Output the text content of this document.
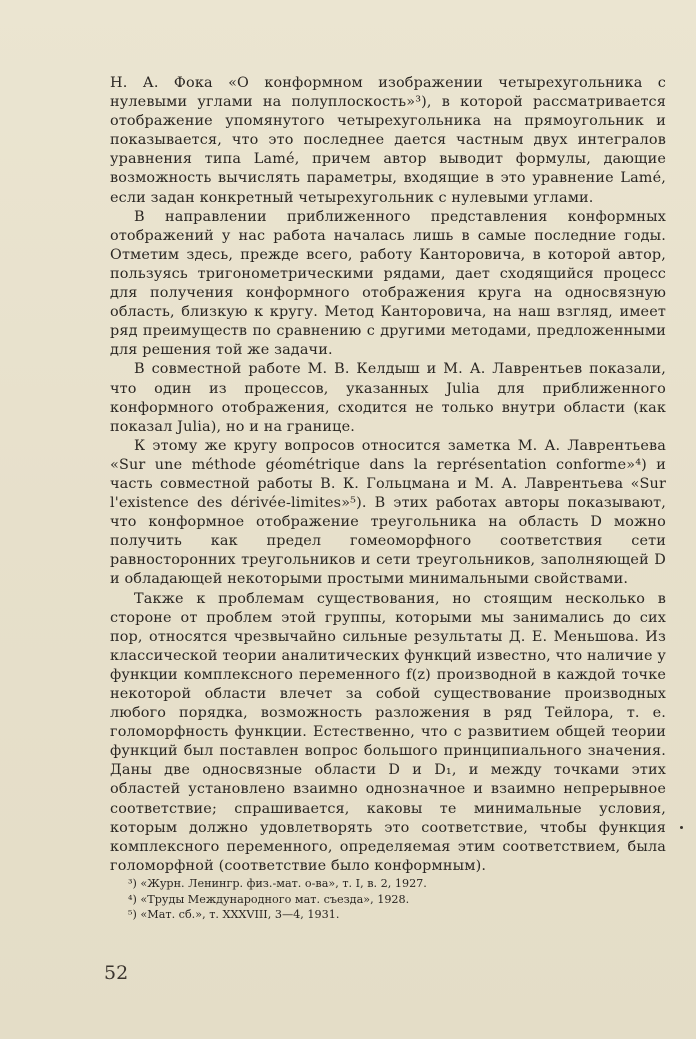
Н. А. Фока «О конформном изображении четырехугольника с нулевыми углами на полуплоскость»³), в которой рассматривается отображение упомянутого четырехугольника на прямоугольник и показывается, что это последнее дается частным двух интегралов уравнения типа Lamé, причем автор выводит формулы, дающие возможность вычислять параметры, входящие в это уравнение Lamé, если задан конкретный четырехугольник с нулевыми углами.

В направлении приближенного представления конформных отображений у нас работа началась лишь в самые последние годы. Отметим здесь, прежде всего, работу Канторовича, в которой автор, пользуясь тригонометрическими рядами, дает сходящийся процесс для получения конформного отображения круга на односвязную область, близкую к кругу. Метод Канторовича, на наш взгляд, имеет ряд преимуществ по сравнению с другими методами, предложенными для решения той же задачи.

В совместной работе М. В. Келдыш и М. А. Лаврентьев показали, что один из процессов, указанных Julia для приближенного конформного отображения, сходится не только внутри области (как показал Julia), но и на границе.

К этому же кругу вопросов относится заметка М. А. Лаврентьева «Sur une méthode géométrique dans la représentation conforme»⁴) и часть совместной работы В. К. Гольцмана и М. А. Лаврентьева «Sur l'existence des dérivée-limites»⁵). В этих работах авторы показывают, что конформное отображение треугольника на область D можно получить как предел гомеоморфного соответствия сети равносторонних треугольников и сети треугольников, заполняющей D и обладающей некоторыми простыми минимальными свойствами.

Также к проблемам существования, но стоящим несколько в стороне от проблем этой группы, которыми мы занимались до сих пор, относятся чрезвычайно сильные результаты Д. Е. Меньшова. Из классической теории аналитических функций известно, что наличие у функции комплексного переменного f(z) производной в каждой точке некоторой области влечет за собой существование производных любого порядка, возможность разложения в ряд Тейлора, т. е. голоморфность функции. Естественно, что с развитием общей теории функций был поставлен вопрос большого принципиального значения. Даны две односвязные области D и D₁, и между точками этих областей установлено взаимно однозначное и взаимно непрерывное соответствие; спрашивается, каковы те минимальные условия, которым должно удовлетворять это соответствие, чтобы функция комплексного переменного, определяемая этим соответствием, была голоморфной (соответствие было конформным).

³) «Журн. Ленингр. физ.-мат. о-ва», т. I, в. 2, 1927.

⁴) «Труды Международного мат. съезда», 1928.

⁵) «Мат. сб.», т. XXXVIII, 3—4, 1931.

52
